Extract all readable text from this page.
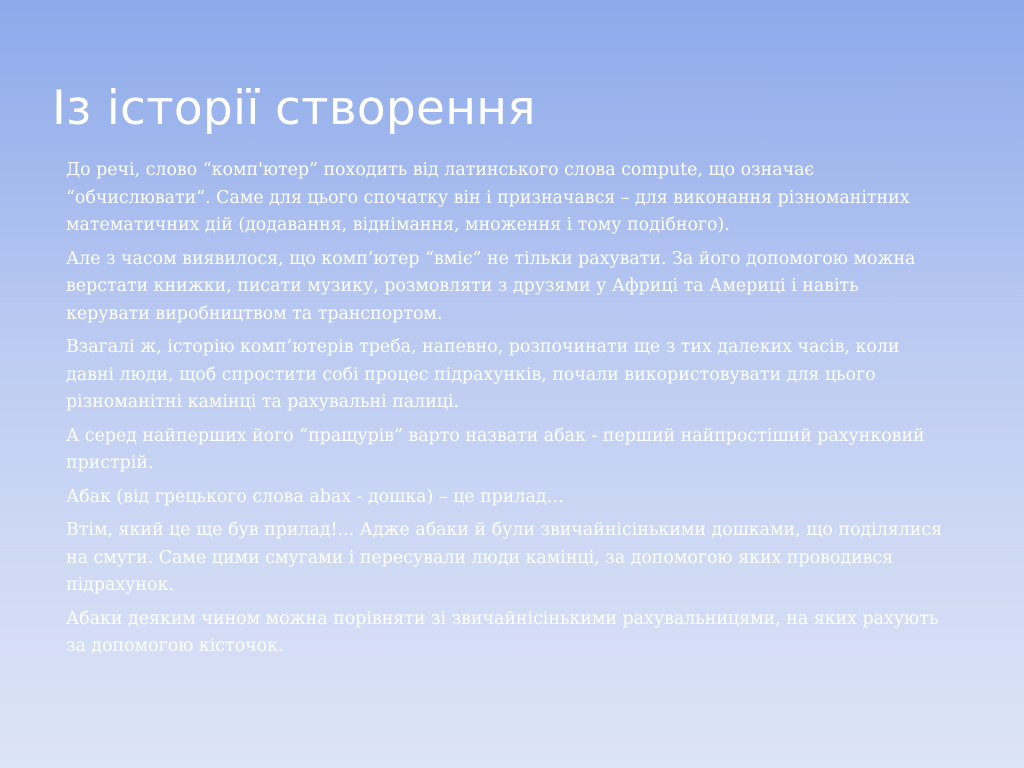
Із історії створення

До речі, слово “комп'ютер” походить від латинського слова compute, що означає “обчислювати”. Саме для цього спочатку він і призначався – для виконання різноманітних математичних дій (додавання, віднімання, множення і тому подібного).

Але з часом виявилося, що комп’ютер “вміє” не тільки рахувати. За його допомогою можна верстати книжки, писати музику, розмовляти з друзями у Африці та Америці і навіть керувати виробництвом та транспортом.

Взагалі ж, історію комп’ютерів треба, напевно, розпочинати ще з тих далеких часів, коли давні люди, щоб спростити собі процес підрахунків, почали використовувати для цього різноманітні камінці та рахувальні палиці.

А серед найперших його “пращурів” варто назвати абак - перший найпростіший рахунковий пристрій.

Абак (від грецького слова abax - дошка) – це прилад…

Втім, який це ще був прилад!... Адже абаки й були звичайнісінькими дошками, що поділялися на смуги. Саме цими смугами і пересували люди камінці, за допомогою яких проводився підрахунок.

Абаки деяким чином можна порівняти зі звичайнісінькими рахувальницями, на яких рахують за допомогою кісточок.
